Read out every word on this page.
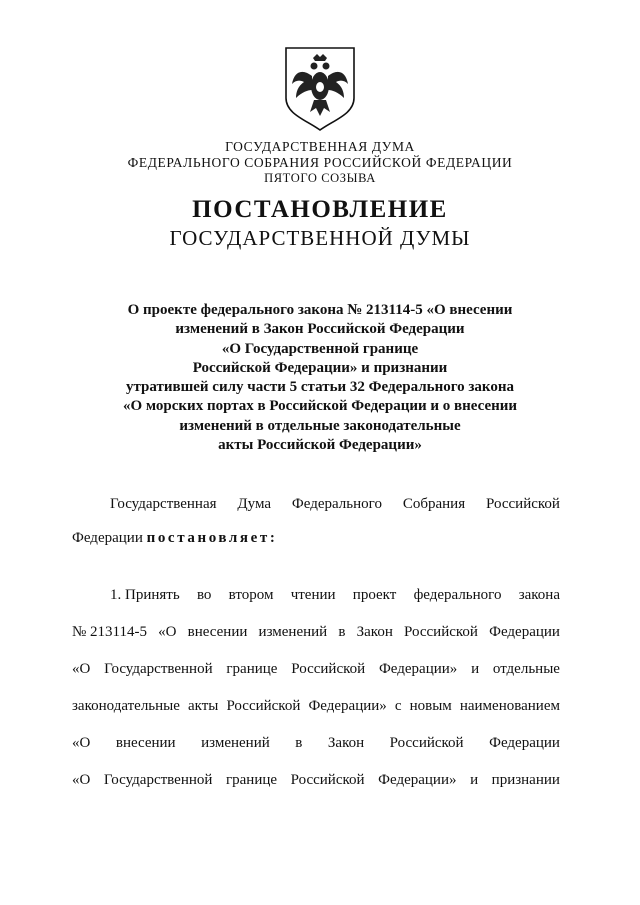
ГОСУДАРСТВЕННАЯ ДУМА
ФЕДЕРАЛЬНОГО СОБРАНИЯ РОССИЙСКОЙ ФЕДЕРАЦИИ
ПЯТОГО СОЗЫВА
ПОСТАНОВЛЕНИЕ
ГОСУДАРСТВЕННОЙ ДУМЫ
О проекте федерального закона № 213114-5 «О внесении
изменений в Закон Российской Федерации
«О Государственной границе
Российской Федерации» и признании
утратившей силу части 5 статьи 32 Федерального закона
«О морских портах в Российской Федерации и о внесении
изменений в отдельные законодательные
акты Российской Федерации»
Государственная Дума Федерального Собрания Российской
Федерации постановляет:
1. Принять во втором чтении проект федерального закона
№ 213114-5 «О внесении изменений в Закон Российской Федерации
«О Государственной границе Российской Федерации» и отдельные
законодательные акты Российской Федерации» с новым наименованием
«О внесении изменений в Закон Российской Федерации
«О Государственной границе Российской Федерации» и признании
